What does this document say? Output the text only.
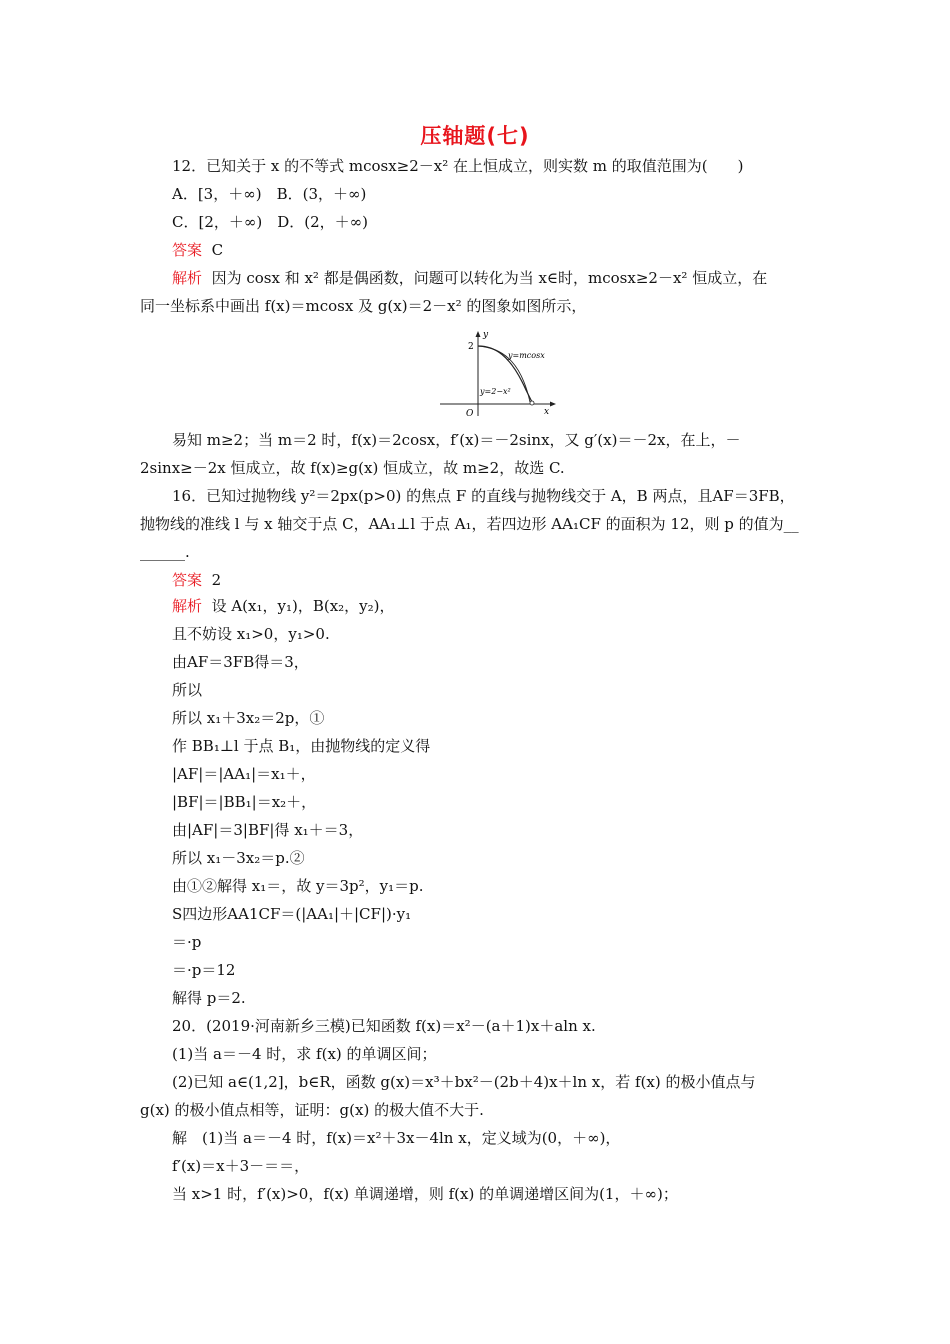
压轴题(七)
12．已知关于 x 的不等式 mcosx≥2－x² 在上恒成立，则实数 m 的取值范围为(　　)
A．[3，＋∞)　B．(3，＋∞)
C．[2，＋∞)　D．(2，＋∞)
答案 C
解析 因为 cosx 和 x² 都是偶函数，问题可以转化为当 x∈时，mcosx≥2－x² 恒成立，在
同一坐标系中画出 f(x)＝mcosx 及 g(x)＝2－x² 的图象如图所示，
y
x
O
2
y=mcosx
y=2−x²
易知 m≥2；当 m＝2 时，f(x)＝2cosx，f′(x)＝－2sinx，又 g′(x)＝－2x，在上，－
2sinx≥－2x 恒成立，故 f(x)≥g(x) 恒成立，故 m≥2，故选 C.
16．已知过抛物线 y²＝2px(p>0) 的焦点 F 的直线与抛物线交于 A，B 两点，且AF＝3FB，
抛物线的准线 l 与 x 轴交于点 C，AA₁⊥l 于点 A₁，若四边形 AA₁CF 的面积为 12，则 p 的值为__
______.
答案 2
解析 设 A(x₁，y₁)，B(x₂，y₂)，
且不妨设 x₁>0，y₁>0.
由AF＝3FB得＝3，
所以
所以 x₁＋3x₂＝2p，①
作 BB₁⊥l 于点 B₁，由抛物线的定义得
|AF|＝|AA₁|＝x₁＋，
|BF|＝|BB₁|＝x₂＋，
由|AF|＝3|BF|得 x₁＋＝3，
所以 x₁－3x₂＝p.②
由①②解得 x₁＝，故 y＝3p²，y₁＝p.
S四边形AA1CF＝(|AA₁|＋|CF|)·y₁
＝·p
＝·p＝12
解得 p＝2.
20．(2019·河南新乡三模)已知函数 f(x)＝x²－(a＋1)x＋aln x.
(1)当 a＝－4 时，求 f(x) 的单调区间；
(2)已知 a∈(1,2]，b∈R，函数 g(x)＝x³＋bx²－(2b＋4)x＋ln x，若 f(x) 的极小值点与
g(x) 的极小值点相等，证明：g(x) 的极大值不大于.
解　(1)当 a＝－4 时，f(x)＝x²＋3x－4ln x，定义域为(0，＋∞)，
f′(x)＝x＋3－＝＝，
当 x>1 时，f′(x)>0，f(x) 单调递增，则 f(x) 的单调递增区间为(1，＋∞)；
